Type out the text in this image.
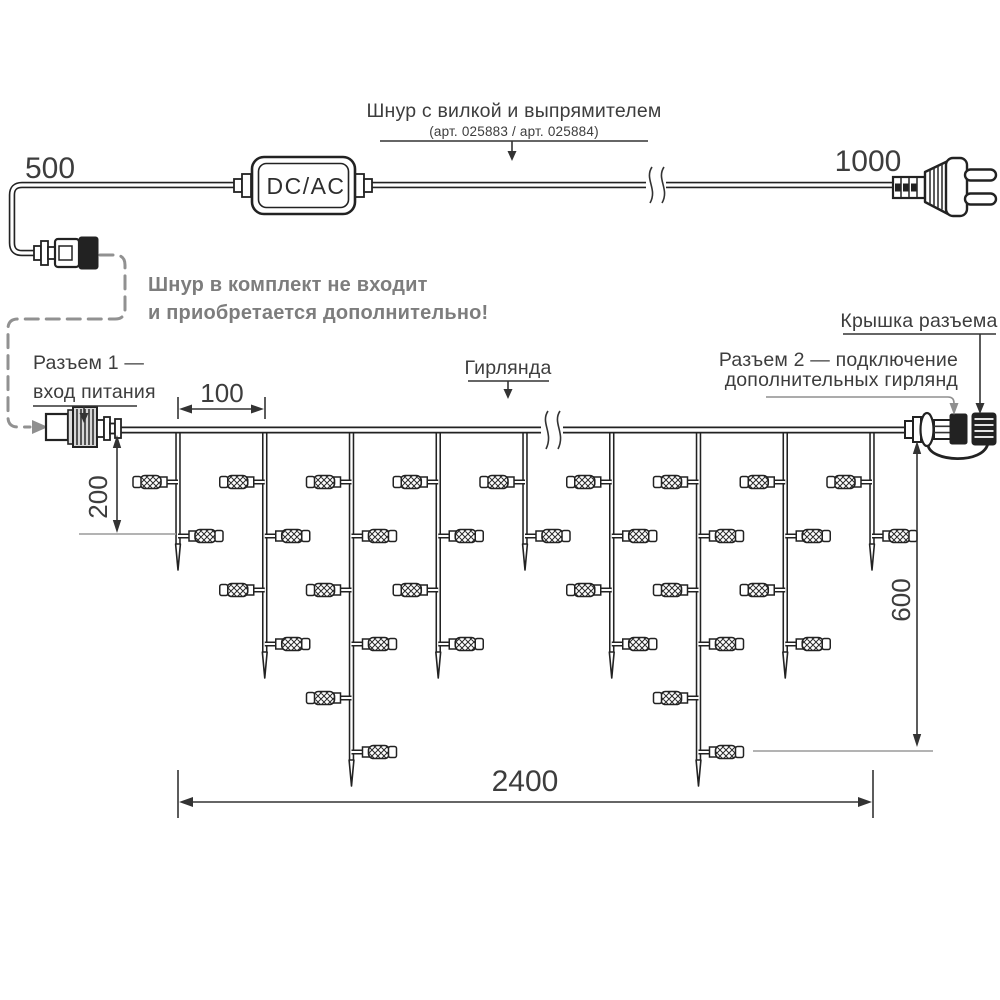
500	1000
DC/AC
Шнур с вилкой и выпрямителем
(арт. 025883 / арт. 025884)
Шнур в комплект не входит
и приобретается дополнительно!
Разъем 1 —
вход питания
Гирлянда
Крышка разъема
Разъем 2 — подключение
дополнительных гирлянд
100
200
600
2400
